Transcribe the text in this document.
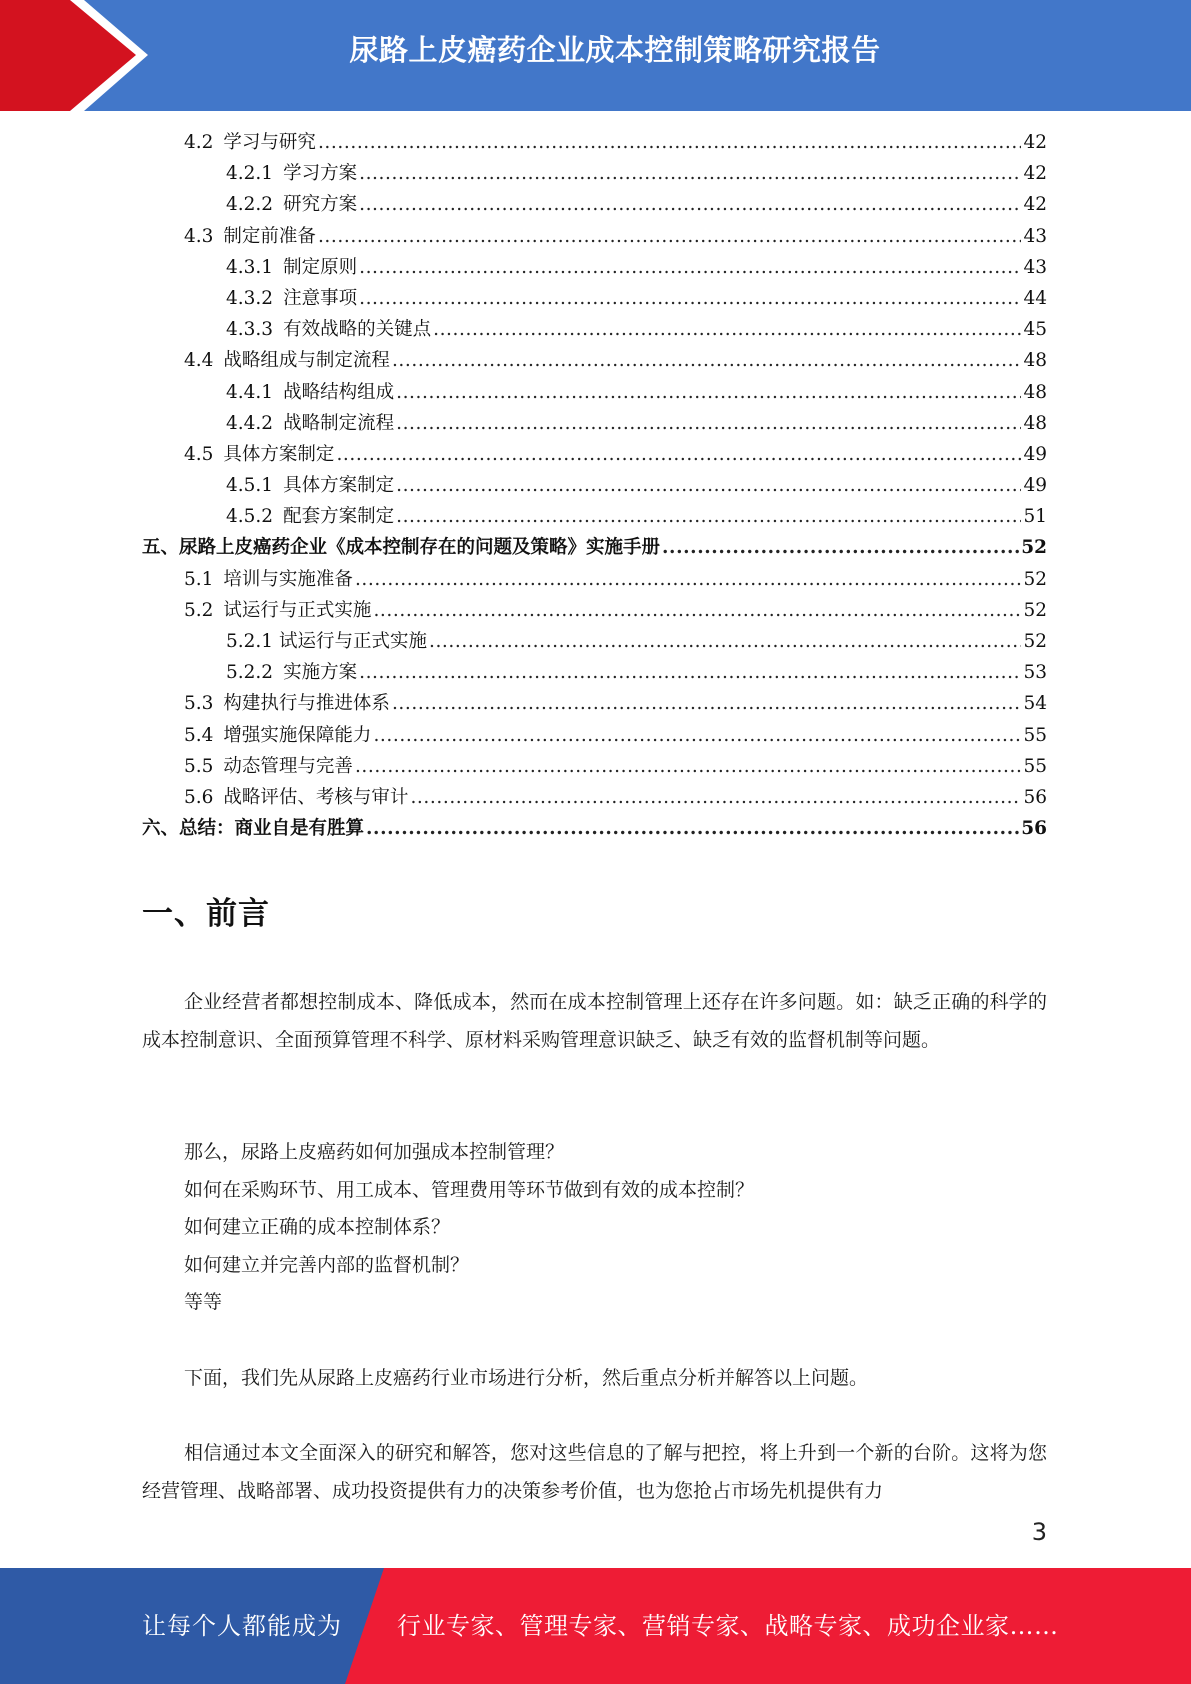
尿路上皮癌药企业成本控制策略研究报告
4.2 学习与研究 .....	42
4.2.1 学习方案 .....	42
4.2.2 研究方案 .....	42
4.3 制定前准备 .....	43
4.3.1 制定原则 .....	43
4.3.2 注意事项 .....	44
4.3.3 有效战略的关键点 .....	45
4.4 战略组成与制定流程 .....	48
4.4.1 战略结构组成 .....	48
4.4.2 战略制定流程 .....	48
4.5 具体方案制定 .....	49
4.5.1 具体方案制定 .....	49
4.5.2 配套方案制定 .....	51
五、尿路上皮癌药企业《成本控制存在的问题及策略》实施手册 .....	52
5.1 培训与实施准备 .....	52
5.2 试运行与正式实施 .....	52
5.2.1 试运行与正式实施 .....	52
5.2.2 实施方案 .....	53
5.3 构建执行与推进体系 .....	54
5.4 增强实施保障能力 .....	55
5.5 动态管理与完善 .....	55
5.6 战略评估、考核与审计 .....	56
六、总结：商业自是有胜算 .....	56
一、前言

企业经营者都想控制成本、降低成本，然而在成本控制管理上还存在许多问题。如：缺乏正确的科学的成本控制意识、全面预算管理不科学、原材料采购管理意识缺乏、缺乏有效的监督机制等问题。

那么，尿路上皮癌药如何加强成本控制管理？
如何在采购环节、用工成本、管理费用等环节做到有效的成本控制？
如何建立正确的成本控制体系？
如何建立并完善内部的监督机制？
等等

下面，我们先从尿路上皮癌药行业市场进行分析，然后重点分析并解答以上问题。

相信通过本文全面深入的研究和解答，您对这些信息的了解与把控，将上升到一个新的台阶。这将为您经营管理、战略部署、成功投资提供有力的决策参考价值，也为您抢占市场先机提供有力

3
让每个人都能成为 行业专家、管理专家、营销专家、战略专家、成功企业家……
